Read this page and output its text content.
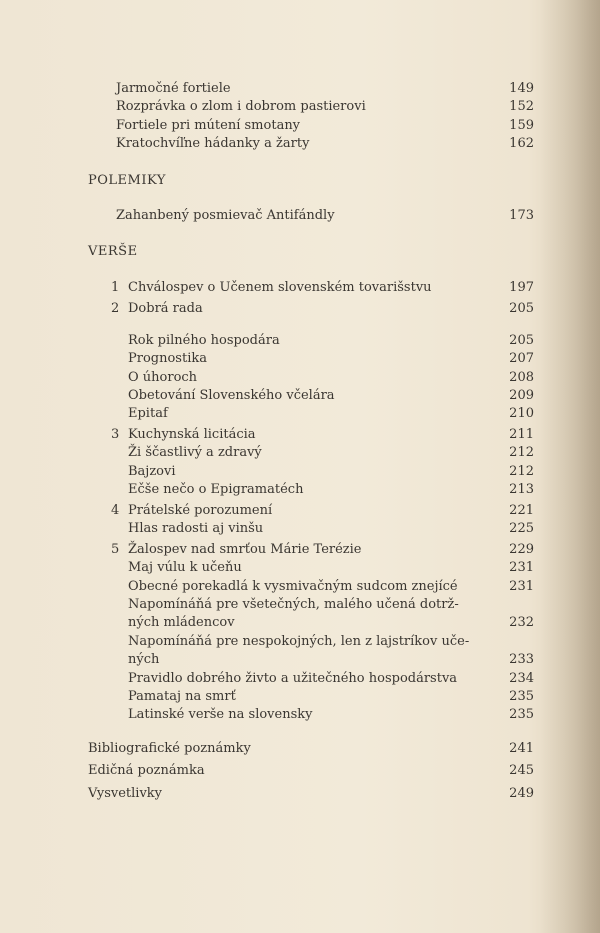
Jarmočné fortiele	149
Rozprávka o zlom i dobrom pastierovi	152
Fortiele pri mútení smotany	159
Kratochvíľne hádanky a žarty	162
POLEMIKY
Zahanbený posmievač Antifándly	173
VERŠE
1 Chválospev o Učenem slovenském tovarišstvu	197
2 Dobrá rada	205
Rok pilného hospodára	205
Prognostika	207
O úhoroch	208
Obetování Slovenského včelára	209
Epitaf	210
3 Kuchynská licitácia	211
Ži ščastlivý a zdravý	212
Bajzovi	212
Ečše nečo o Epigramatéch	213
4 Prátelské porozumení	221
Hlas radosti aj vinšu	225
5 Žalospev nad smrťou Márie Terézie	229
Maj vúlu k učeňu	231
Obecné porekadlá k vysmivačným sudcom znejícé	231
Napomínáňá pre všetečných, malého učená dotrž-
ných mládencov	232
Napomínáňá pre nespokojných, len z lajstríkov uče-
ných	233
Pravidlo dobrého živto a užitečného hospodárstva	234
Pamataj na smrť	235
Latinské verše na slovensky	235
Bibliografické poznámky	241
Edičná poznámka	245
Vysvetlivky	249
